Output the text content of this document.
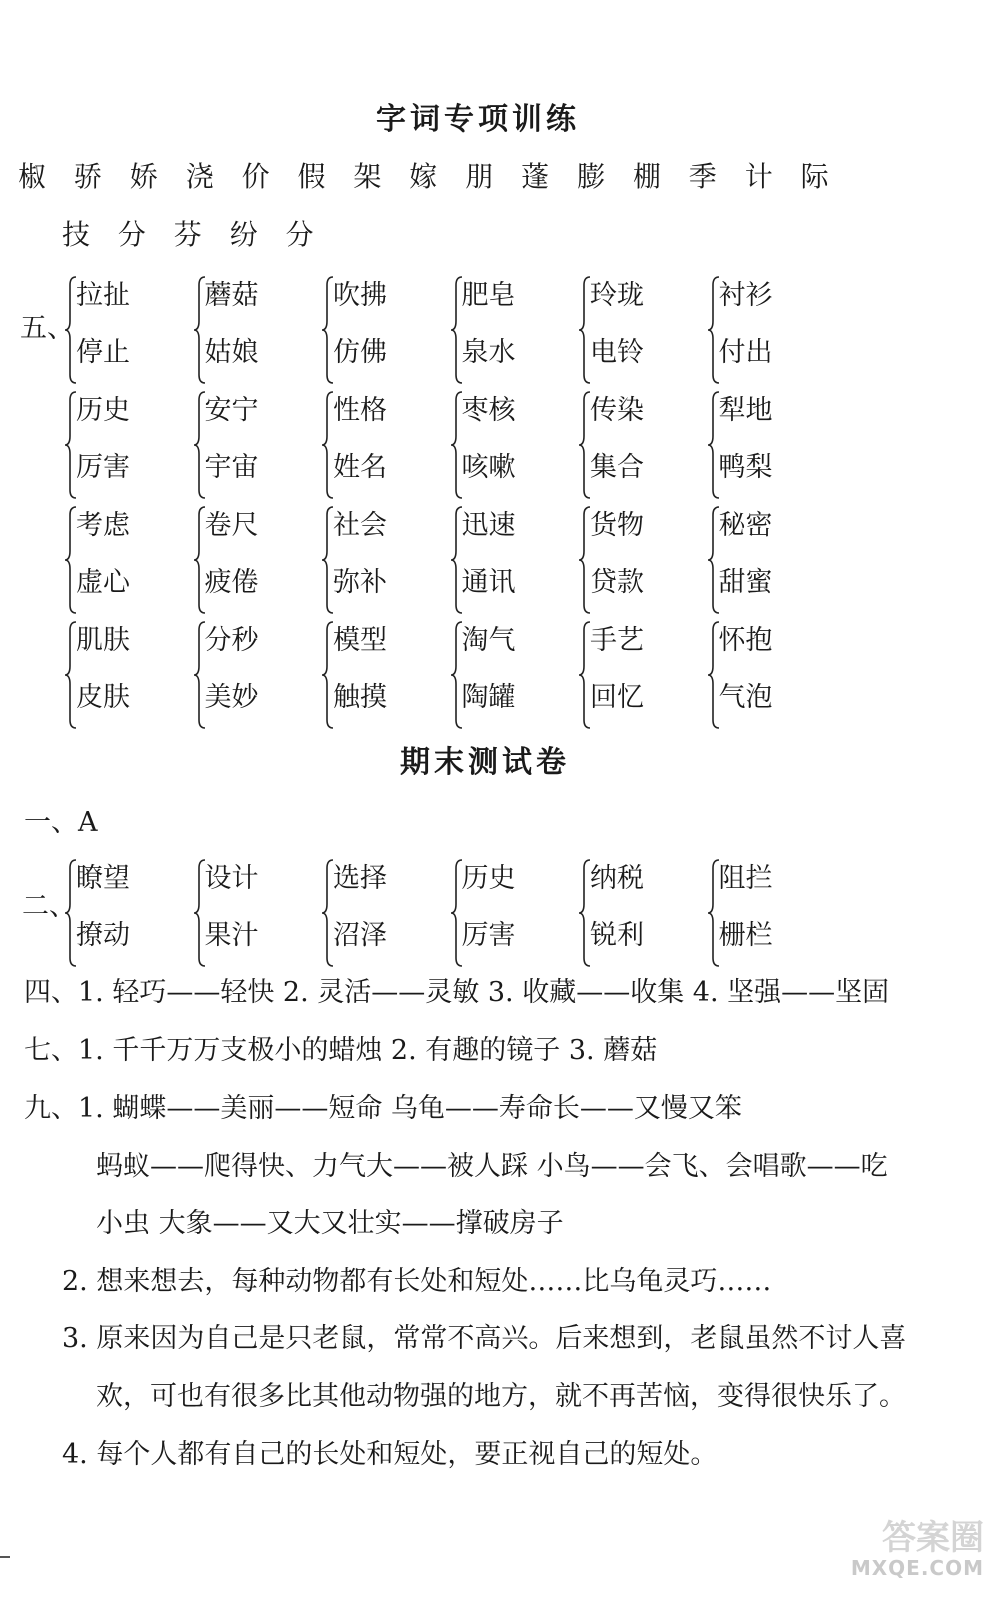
字词专项训练
椒 骄 娇 浇 价 假 架 嫁 朋 蓬 膨 棚 季 计 际
技 分 芬 纷 分
五、
拉扯
停止
蘑菇
姑娘
吹拂
仿佛
肥皂
泉水
玲珑
电铃
衬衫
付出
历史
厉害
安宁
宇宙
性格
姓名
枣核
咳嗽
传染
集合
犁地
鸭梨
考虑
虚心
卷尺
疲倦
社会
弥补
迅速
通讯
货物
贷款
秘密
甜蜜
肌肤
皮肤
分秒
美妙
模型
触摸
淘气
陶罐
手艺
回忆
怀抱
气泡
期末测试卷
一、A
二、
瞭望
撩动
设计
果汁
选择
沼泽
历史
厉害
纳税
锐利
阻拦
栅栏
四、1. 轻巧——轻快 2. 灵活——灵敏 3. 收藏——收集 4. 坚强——坚固
七、1. 千千万万支极小的蜡烛 2. 有趣的镜子 3. 蘑菇
九、1. 蝴蝶——美丽——短命 乌龟——寿命长——又慢又笨
蚂蚁——爬得快、力气大——被人踩 小鸟——会飞、会唱歌——吃
小虫 大象——又大又壮实——撑破房子
2. 想来想去，每种动物都有长处和短处……比乌龟灵巧……
3. 原来因为自己是只老鼠，常常不高兴。后来想到，老鼠虽然不讨人喜
欢，可也有很多比其他动物强的地方，就不再苦恼，变得很快乐了。
4. 每个人都有自己的长处和短处，要正视自己的短处。
答案圈
MXQE.COM
